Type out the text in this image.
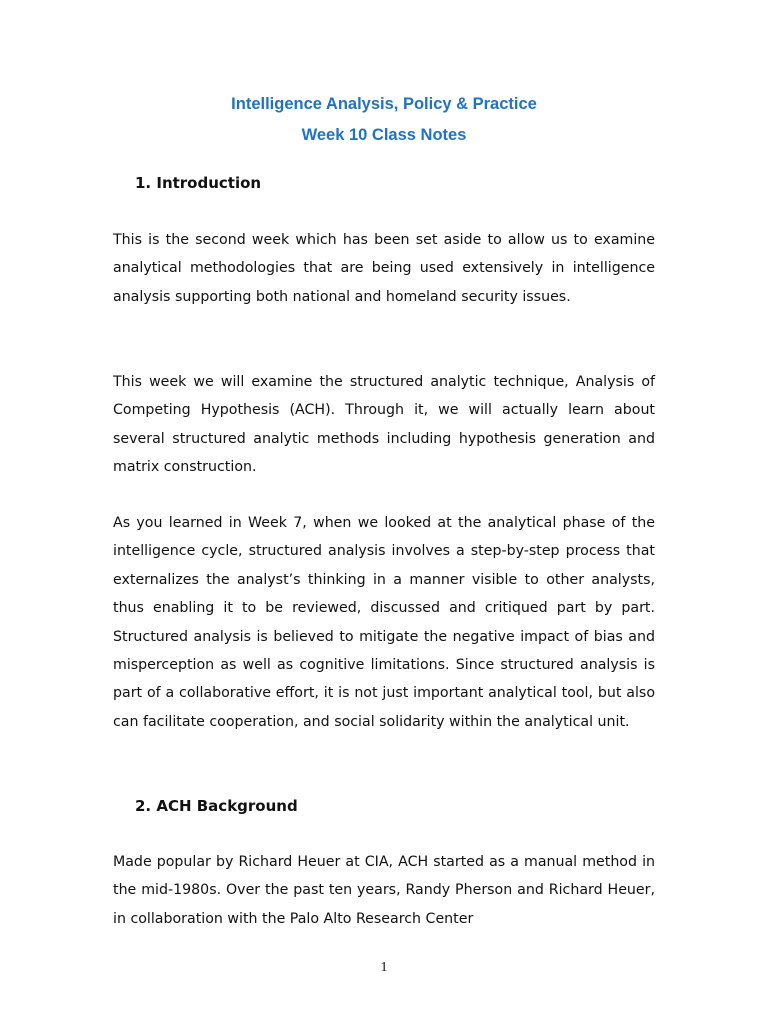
Intelligence Analysis, Policy & Practice
Week 10 Class Notes
1. Introduction
This is the second week which has been set aside to allow us to examine analytical methodologies that are being used extensively in intelligence analysis supporting both national and homeland security issues.
This week we will examine the structured analytic technique, Analysis of Competing Hypothesis (ACH). Through it, we will actually learn about several structured analytic methods including hypothesis generation and matrix construction.
As you learned in Week 7, when we looked at the analytical phase of the intelligence cycle, structured analysis involves a step-by-step process that externalizes the analyst’s thinking in a manner visible to other analysts, thus enabling it to be reviewed, discussed and critiqued part by part. Structured analysis is believed to mitigate the negative impact of bias and misperception as well as cognitive limitations. Since structured analysis is part of a collaborative effort, it is not just important analytical tool, but also can facilitate cooperation, and social solidarity within the analytical unit.
2. ACH Background
Made popular by Richard Heuer at CIA, ACH started as a manual method in the mid-1980s. Over the past ten years, Randy Pherson and Richard Heuer, in collaboration with the Palo Alto Research Center
1
